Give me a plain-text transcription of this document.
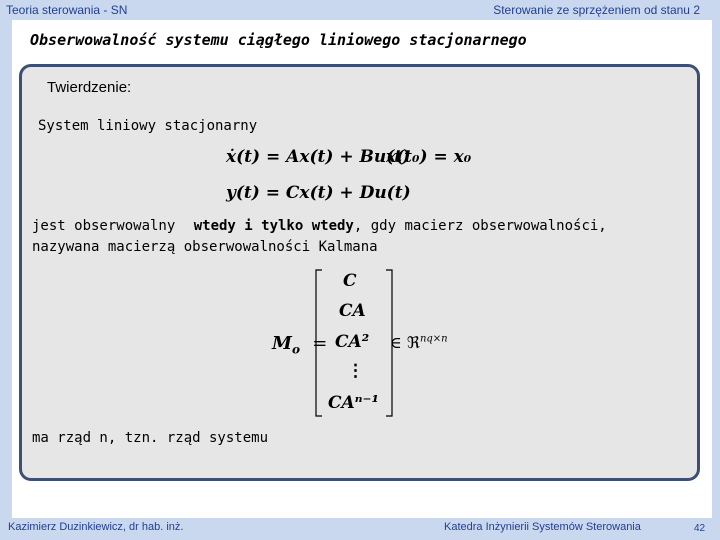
Teoria sterowania - SN	Sterowanie ze sprzężeniem od stanu 2
Obserwowalność systemu ciągłego liniowego stacjonarnego
Twierdzenie:
System liniowy stacjonarny
ẋ(t) = Ax(t) + Bu(t)
x(t₀) = x₀
y(t) = Cx(t) + Du(t)
jest obserwowalny wtedy i tylko wtedy, gdy macierz obserwowalności,
nazywana macierzą obserwowalności Kalmana
$M_o$ =
C
CA
CA²
⋮
CAⁿ⁻¹
∈ ℜ$^{nq\times n}$
ma rząd n, tzn. rząd systemu
Kazimierz Duzinkiewicz, dr hab. inż.	Katedra Inżynierii Systemów Sterowania	42
